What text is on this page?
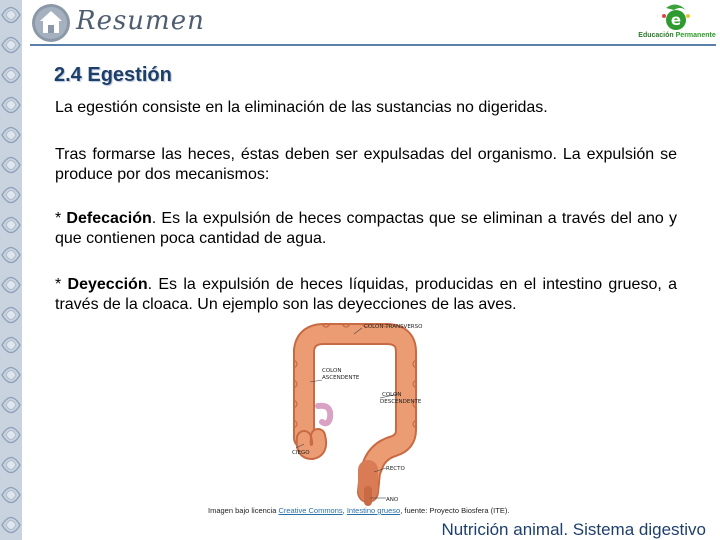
Resumen	e
Educación Permanente
2.4 Egestión
La egestión consiste en la eliminación de las sustancias no digeridas.
Tras formarse las heces, éstas deben ser expulsadas del organismo. La expulsión se produce por dos mecanismos:
* Defecación. Es la expulsión de heces compactas que se eliminan a través del ano y que contienen poca cantidad de agua.
* Deyección. Es la expulsión de heces líquidas, producidas en el intestino grueso, a través de la cloaca. Un ejemplo son las deyecciones de las aves.
COLON TRANSVERSO
COLON
ASCENDENTE
COLON
DESCENDENTE
CIEGO
RECTO
ANO
Imagen bajo licencia Creative Commons, Intestino grueso, fuente: Proyecto Biosfera (ITE).
Nutrición animal. Sistema digestivo
